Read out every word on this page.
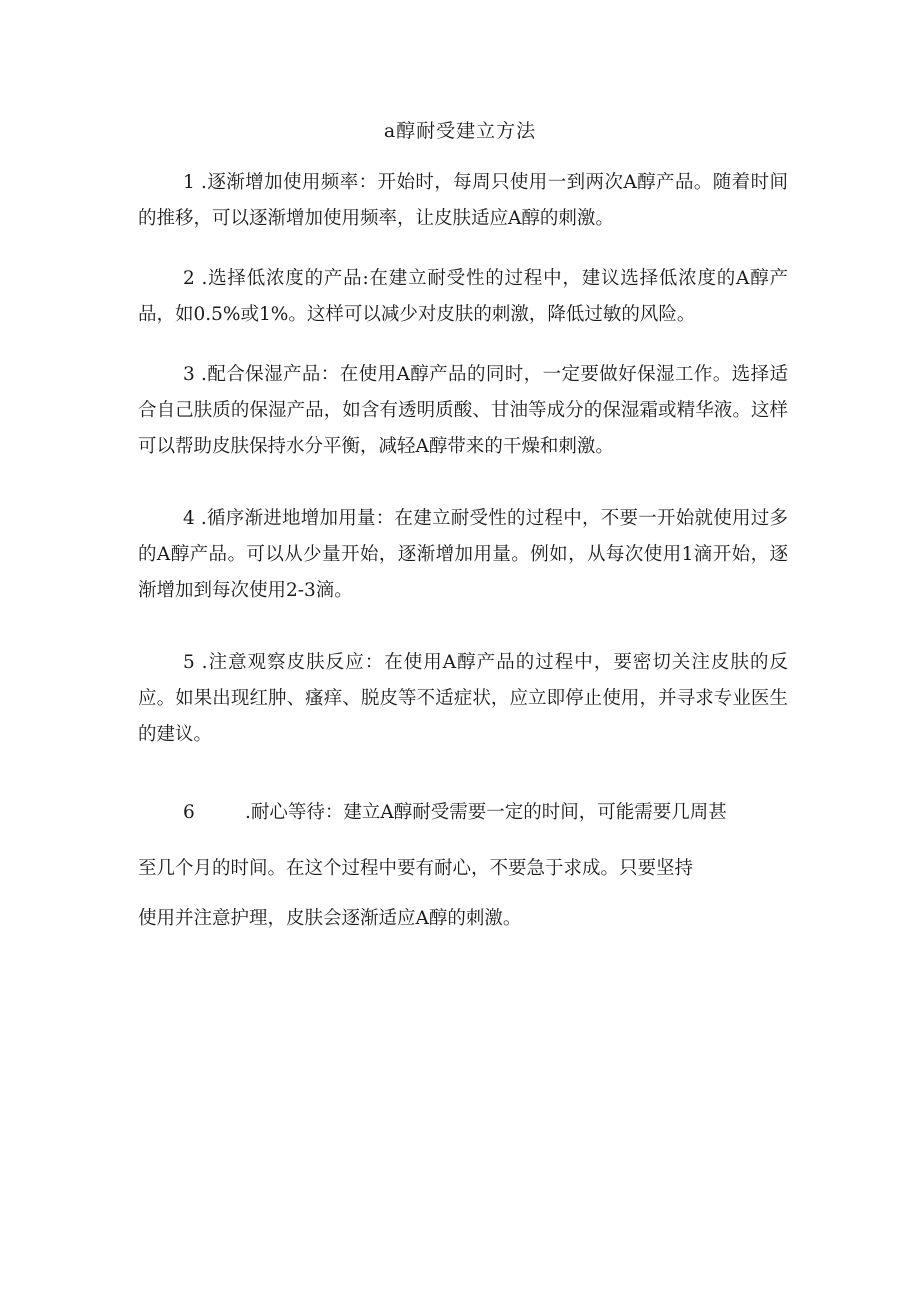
a醇耐受建立方法
1 .逐渐增加使用频率：开始时，每周只使用一到两次A醇产品。随着时间的推移，可以逐渐增加使用频率，让皮肤适应A醇的刺激。
2 .选择低浓度的产品:在建立耐受性的过程中，建议选择低浓度的A醇产品，如0.5%或1%。这样可以减少对皮肤的刺激，降低过敏的风险。
3 .配合保湿产品：在使用A醇产品的同时，一定要做好保湿工作。选择适合自己肤质的保湿产品，如含有透明质酸、甘油等成分的保湿霜或精华液。这样可以帮助皮肤保持水分平衡，减轻A醇带来的干燥和刺激。
4 .循序渐进地增加用量：在建立耐受性的过程中，不要一开始就使用过多的A醇产品。可以从少量开始，逐渐增加用量。例如，从每次使用1滴开始，逐渐增加到每次使用2-3滴。
5 .注意观察皮肤反应：在使用A醇产品的过程中，要密切关注皮肤的反应。如果出现红肿、瘙痒、脱皮等不适症状，应立即停止使用，并寻求专业医生的建议。
6	.耐心等待：建立A醇耐受需要一定的时间，可能需要几周甚
至几个月的时间。在这个过程中要有耐心，不要急于求成。只要坚持
使用并注意护理，皮肤会逐渐适应A醇的刺激。
